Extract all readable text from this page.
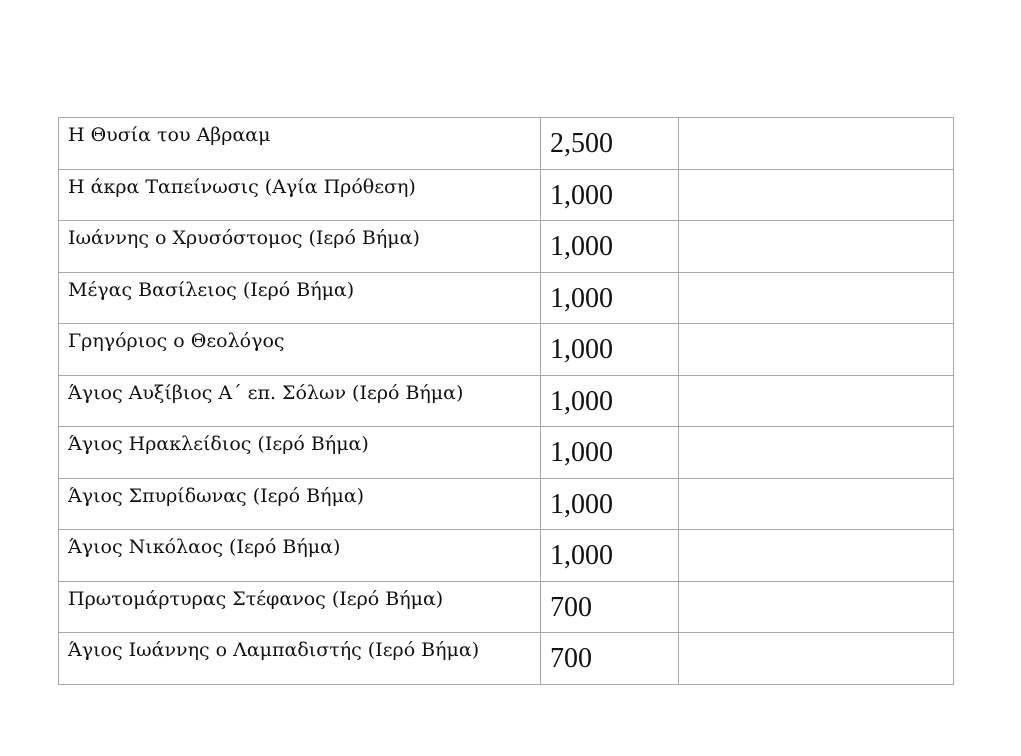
Η Θυσία του Αβρααμ	2,500	
Η άκρα Ταπείνωσις (Αγία Πρόθεση)	1,000	
Ιωάννης ο Χρυσόστομος (Ιερό Βήμα)	1,000	
Μέγας Βασίλειος (Ιερό Βήμα)	1,000	
Γρηγόριος ο Θεολόγος	1,000	
Άγιος Αυξίβιος Α΄ επ. Σόλων (Ιερό Βήμα)	1,000	
Άγιος Ηρακλείδιος (Ιερό Βήμα)	1,000	
Άγιος Σπυρίδωνας (Ιερό Βήμα)	1,000	
Άγιος Νικόλαος (Ιερό Βήμα)	1,000	
Πρωτομάρτυρας Στέφανος (Ιερό Βήμα)	700	
Άγιος Ιωάννης ο Λαμπαδιστής (Ιερό Βήμα)	700	
